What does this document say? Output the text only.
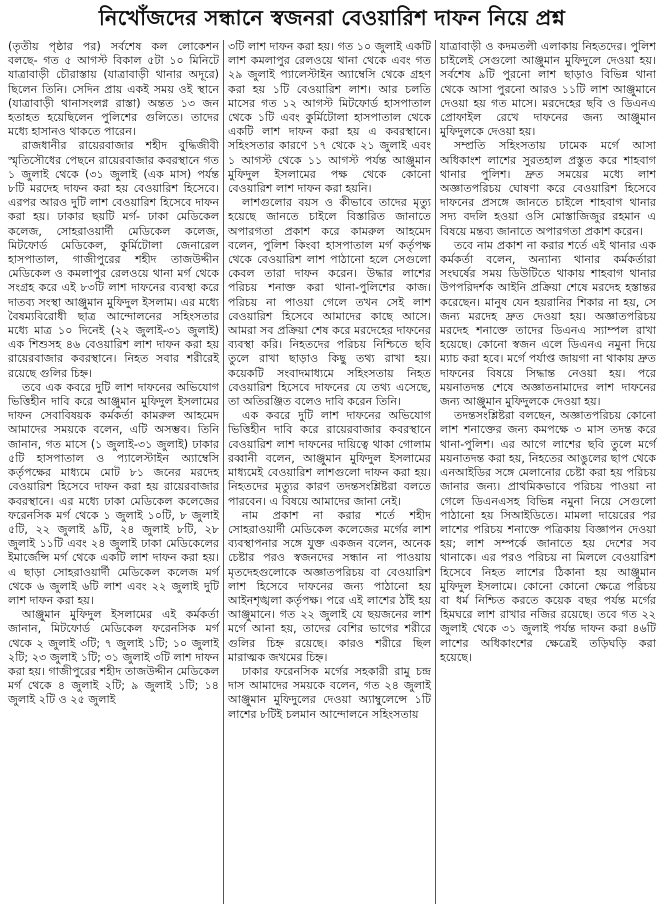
নিখোঁজদের সন্ধানে স্বজনরা বেওয়ারিশ দাফন নিয়ে প্রশ্ন

(তৃতীয় পৃষ্ঠার পর) সর্বশেষ কল লোকেশন বলছে- গত ৫ আগস্ট বিকাল ৫টা ১০ মিনিটে যাত্রাবাড়ী চৌরাস্তায় (যাত্রাবাড়ী থানার অদূরে) ছিলেন তিনি। সেদিন প্রায় একই সময় ওই স্থানে (যাত্রাবাড়ী থানাসংলগ্ন রাস্তা) অন্তত ১৩ জন হতাহত হয়েছিলেন পুলিশের গুলিতে। তাদের মধ্যে হাসানও থাকতে পারেন।

রাজধানীর রায়েরবাজার শহীদ বুদ্ধিজীবী স্মৃতিসৌধের পেছনে রায়েরবাজার কবরস্থানে গত ১ জুলাই থেকে (৩১ জুলাই (এক মাস) পর্যন্ত ৮টি মরদেহ দাফন করা হয় বেওয়ারিশ হিসেবে। এরপর আরও দুটি লাশ বেওয়ারিশ হিসেবে দাফন করা হয়। ঢাকার ছয়টি মর্গ- ঢাকা মেডিকেল কলেজ, সোহরাওয়ার্দী মেডিকেল কলেজ, মিটফোর্ড মেডিকেল, কুর্মিটোলা জেনারেল হাসপাতাল, গাজীপুরের শহীদ তাজউদ্দীন মেডিকেল ও কমলাপুর রেলওয়ে থানা মর্গ থেকে সংগ্রহ করে এই ৮৩টি লাশ দাফনের ব্যবস্থা করে দাতব্য সংস্থা আঞ্জুমান মুফিদুল ইসলাম। এর মধ্যে বৈষম্যবিরোধী ছাত্র আন্দোলনের সহিংসতার মধ্যে মাত্র ১০ দিনেই (২২ জুলাই-৩১ জুলাই) এক শিশুসহ ৪৬ বেওয়ারিশ লাশ দাফন করা হয় রায়েরবাজার কবরস্থানে। নিহত সবার শরীরেই রয়েছে গুলির চিহ্ন।

তবে এক কবরে দুটি লাশ দাফনের অভিযোগ ভিত্তিহীন দাবি করে আঞ্জুমান মুফিদুল ইসলামের দাফন সেবাবিষয়ক কর্মকর্তা কামরুল আহমেদ আমাদের সময়কে বলেন, এটি অসম্ভব। তিনি জানান, গত মাসে (১ জুলাই-৩১ জুলাই) ঢাকার ৫টি হাসপাতাল ও প্যালেস্টাইন অ্যাম্বেসি কর্তৃপক্ষের মাধ্যমে মোট ৮১ জনের মরদেহ বেওয়ারিশ হিসেবে দাফন করা হয় রায়েরবাজার কবরস্থানে। এর মধ্যে ঢাকা মেডিকেল কলেজের ফরেনসিক মর্গ থেকে ১ জুলাই ১০টি, ৮ জুলাই ৫টি, ২২ জুলাই ৯টি, ২৪ জুলাই ৮টি, ২৮ জুলাই ১১টি এবং ২৪ জুলাই ঢাকা মেডিকেলের ইমার্জেন্সি মর্গ থেকে একটি লাশ দাফন করা হয়। এ ছাড়া সোহরাওয়ার্দী মেডিকেল কলেজ মর্গ থেকে ৬ জুলাই ৬টি লাশ এবং ২২ জুলাই দুটি লাশ দাফন করা হয়।

আঞ্জুমান মুফিদুল ইসলামের এই কর্মকর্তা জানান, মিটফোর্ড মেডিকেল ফরেনসিক মর্গ থেকে ২ জুলাই ৩টি; ৭ জুলাই ১টি; ১০ জুলাই ২টি; ২৩ জুলাই ১টি; ৩১ জুলাই ৩টি লাশ দাফন করা হয়। গাজীপুরের শহীদ তাজউদ্দীন মেডিকেল মর্গ থেকে ৪ জুলাই ২টি; ৯ জুলাই ১টি; ১৪ জুলাই ২টি ও ২৫ জুলাই

৩টি লাশ দাফন করা হয়। গত ১০ জুলাই একটি লাশ কমলাপুর রেলওয়ে থানা থেকে এবং গত ২৯ জুলাই প্যালেস্টাইন অ্যাম্বেসি থেকে গ্রহণ করা হয় ১টি বেওয়ারিশ লাশ। আর চলতি মাসের গত ১২ আগস্ট মিটফোর্ড হাসপাতাল থেকে ১টি এবং কুর্মিটোলা হাসপাতাল থেকে একটি লাশ দাফন করা হয় এ কবরস্থানে। সহিংসতার কারণে ১৭ থেকে ২১ জুলাই এবং ১ আগস্ট থেকে ১১ আগস্ট পর্যন্ত আঞ্জুমান মুফিদুল ইসলামের পক্ষ থেকে কোনো বেওয়ারিশ লাশ দাফন করা হয়নি।

লাশগুলোর বয়স ও কীভাবে তাদের মৃত্যু হয়েছে জানতে চাইলে বিস্তারিত জানাতে অপারগতা প্রকাশ করে কামরুল আহমেদ বলেন, পুলিশ কিংবা হাসপাতাল মর্গ কর্তৃপক্ষ থেকে বেওয়ারিশ লাশ পাঠানো হলে সেগুলো কেবল তারা দাফন করেন। উদ্ধার লাশের পরিচয় শনাক্ত করা থানা-পুলিশের কাজ। পরিচয় না পাওয়া গেলে তখন সেই লাশ বেওয়ারিশ হিসেবে আমাদের কাছে আসে। আমরা সব প্রক্রিয়া শেষ করে মরদেহের দাফনের ব্যবস্থা করি। নিহতদের পরিচয় নিশ্চিতে ছবি তুলে রাখা ছাড়াও কিছু তথ্য রাখা হয়। কয়েকটি সংবাদমাধ্যমে সহিংসতায় নিহত বেওয়ারিশ হিসেবে দাফনের যে তথ্য এসেছে, তা অতিরঞ্জিত বলেও দাবি করেন তিনি।

এক কবরে দুটি লাশ দাফনের অভিযোগ ভিত্তিহীন দাবি করে রায়েরবাজার কবরস্থানে বেওয়ারিশ লাশ দাফনের দায়িত্বে থাকা গোলাম রব্বানী বলেন, আঞ্জুমান মুফিদুল ইসলামের মাধ্যমেই বেওয়ারিশ লাশগুলো দাফন করা হয়। নিহতদের মৃত্যুর কারণ তদন্তসংশ্লিষ্টরা বলতে পারবেন। এ বিষয়ে আমাদের জানা নেই।

নাম প্রকাশ না করার শর্তে শহীদ সোহরাওয়ার্দী মেডিকেল কলেজের মর্গের লাশ ব্যবস্থাপনার সঙ্গে যুক্ত একজন বলেন, অনেক চেষ্টার পরও স্বজনদের সন্ধান না পাওয়ায় মৃতদেহগুলোকে অজ্ঞাতপরিচয় বা বেওয়ারিশ লাশ হিসেবে দাফনের জন্য পাঠানো হয় আইনশৃঙ্খলা কর্তৃপক্ষ। পরে এই লাশের ঠাঁই হয় আঞ্জুমানে। গত ২২ জুলাই যে ছয়জনের লাশ মর্গে আনা হয়, তাদের বেশির ভাগের শরীরে গুলির চিহ্ন রয়েছে। কারও শরীরে ছিল মারাত্মক জখমের চিহ্ন।

ঢাকার ফরেনসিক মর্গের সহকারী রামু চন্দ্র দাস আমাদের সময়কে বলেন, গত ২৪ জুলাই আঞ্জুমান মুফিদুলের দেওয়া অ্যাম্বুলেন্সে ১টি লাশের ৮টিই চলমান আন্দোলনে সহিংসতায়

যাত্রাবাড়ী ও কদমতলী এলাকায় নিহতদের। পুলিশ চাইলেই সেগুলো আঞ্জুমান মুফিদুলে দেওয়া হয়। সর্বশেষ ৯টি পুরনো লাশ ছাড়াও বিভিন্ন থানা থেকে আসা পুরনো আরও ১১টি লাশ আঞ্জুমানে দেওয়া হয় গত মাসে। মরদেহের ছবি ও ডিএনএ প্রোফাইল রেখে দাফনের জন্য আঞ্জুমান মুফিদুলকে দেওয়া হয়।

সম্প্রতি সহিংসতায় ঢামেক মর্গে আসা অধিকাংশ লাশের সুরতহাল প্রস্তুত করে শাহবাগ থানার পুলিশ। দ্রুত সময়ের মধ্যে লাশ অজ্ঞাতপরিচয় ঘোষণা করে বেওয়ারিশ হিসেবে দাফনের প্রসঙ্গে জানতে চাইলে শাহবাগ থানার সদ্য বদলি হওয়া ওসি মোস্তাজিজুর রহমান এ বিষয়ে মন্তব্য জানাতে অপারগতা প্রকাশ করেন।

তবে নাম প্রকাশ না করার শর্তে এই থানার এক কর্মকর্তা বলেন, অন্যান্য থানার কর্মকর্তারা সংঘর্ষের সময় ডিউটিতে থাকায় শাহবাগ থানার উপপরিদর্শক আইনি প্রক্রিয়া শেষে মরদেহ হস্তান্তর করেছেন। মানুষ যেন হয়রানির শিকার না হয়, সে জন্য মরদেহ দ্রুত দেওয়া হয়। অজ্ঞাতপরিচয় মরদেহ শনাক্তে তাদের ডিএনএ স্যাম্পল রাখা হয়েছে। কোনো স্বজন এলে ডিএনএ নমুনা দিয়ে ম্যাচ করা হবে। মর্গে পর্যাপ্ত জায়গা না থাকায় দ্রুত দাফনের বিষয়ে সিদ্ধান্ত নেওয়া হয়। পরে ময়নাতদন্ত শেষে অজ্ঞাতনামাদের লাশ দাফনের জন্য আঞ্জুমান মুফিদুলকে দেওয়া হয়।

তদন্তসংশ্লিষ্টরা বলছেন, অজ্ঞাতপরিচয় কোনো লাশ শনাক্তের জন্য কমপক্ষে ৩ মাস তদন্ত করে থানা-পুলিশ। এর আগে লাশের ছবি তুলে মর্গে ময়নাতদন্ত করা হয়, নিহতের আঙুলের ছাপ থেকে এনআইডির সঙ্গে মেলানোর চেষ্টা করা হয় পরিচয় জানার জন্য। প্রাথমিকভাবে পরিচয় পাওয়া না গেলে ডিএনএসহ বিভিন্ন নমুনা নিয়ে সেগুলো পাঠানো হয় সিআইডিতে। মামলা দায়েরের পর লাশের পরিচয় শনাক্তে পত্রিকায় বিজ্ঞাপন দেওয়া হয়; লাশ সম্পর্কে জানাতে হয় দেশের সব থানাকে। এর পরও পরিচয় না মিললে বেওয়ারিশ হিসেবে নিহত লাশের ঠিকানা হয় আঞ্জুমান মুফিদুল ইসলামে। কোনো কোনো ক্ষেত্রে পরিচয় বা ধর্ম নিশ্চিত করতে কয়েক বছর পর্যন্ত মর্গের হিমঘরে লাশ রাখার নজির রয়েছে। তবে গত ২২ জুলাই থেকে ৩১ জুলাই পর্যন্ত দাফন করা ৪৬টি লাশের অধিকাংশের ক্ষেত্রেই তড়িঘড়ি করা হয়েছে।
